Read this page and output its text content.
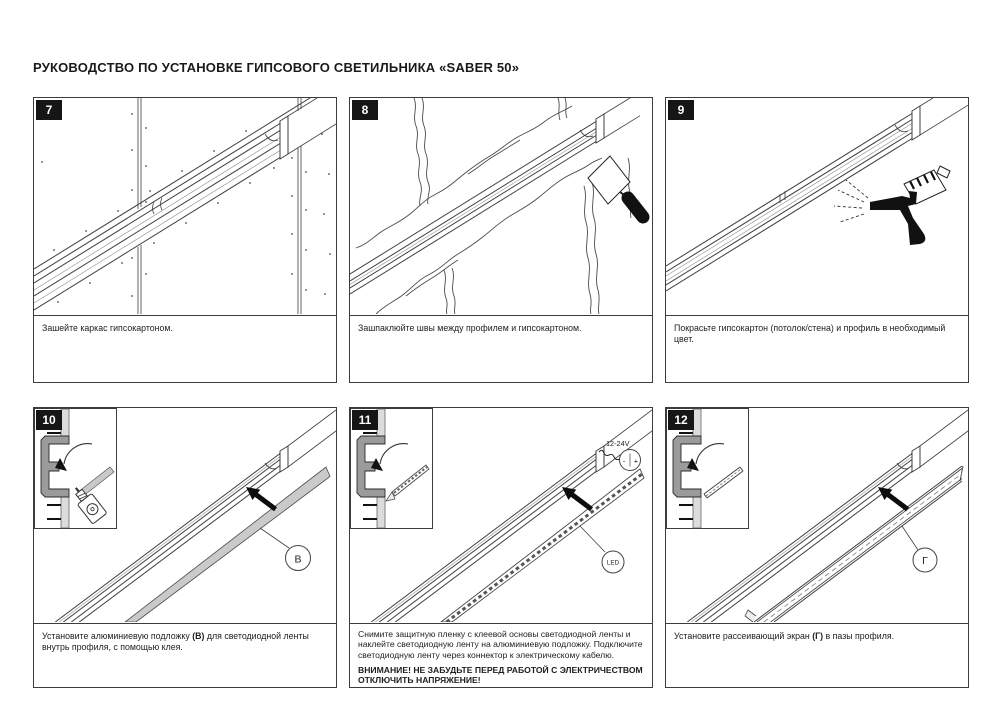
РУКОВОДСТВО ПО УСТАНОВКЕ ГИПСОВОГО СВЕТИЛЬНИКА «SABER 50»
7
Зашейте каркас гипсокартоном.
8
Зашпаклюйте швы между профилем и гипсокартоном.
9
Покрасьте гипсокартон (потолок/стена) и профиль в необходимый цвет.
10
В
Установите алюминиевую подложку (В) для светодиодной ленты внутрь профиля, с помощью клея.
11
- +
12-24V
LED
Снимите защитную пленку с клеевой основы светодиодной ленты и наклейте светодиодную ленту на алюминиевую подложку. Подключите светодиодную ленту через коннектор к электрическому кабелю.
ВНИМАНИЕ! НЕ ЗАБУДЬТЕ ПЕРЕД РАБОТОЙ С ЭЛЕКТРИЧЕСТВОМ ОТКЛЮЧИТЬ НАПРЯЖЕНИЕ!
12
Г
Установите рассеивающий экран (Г) в пазы профиля.
